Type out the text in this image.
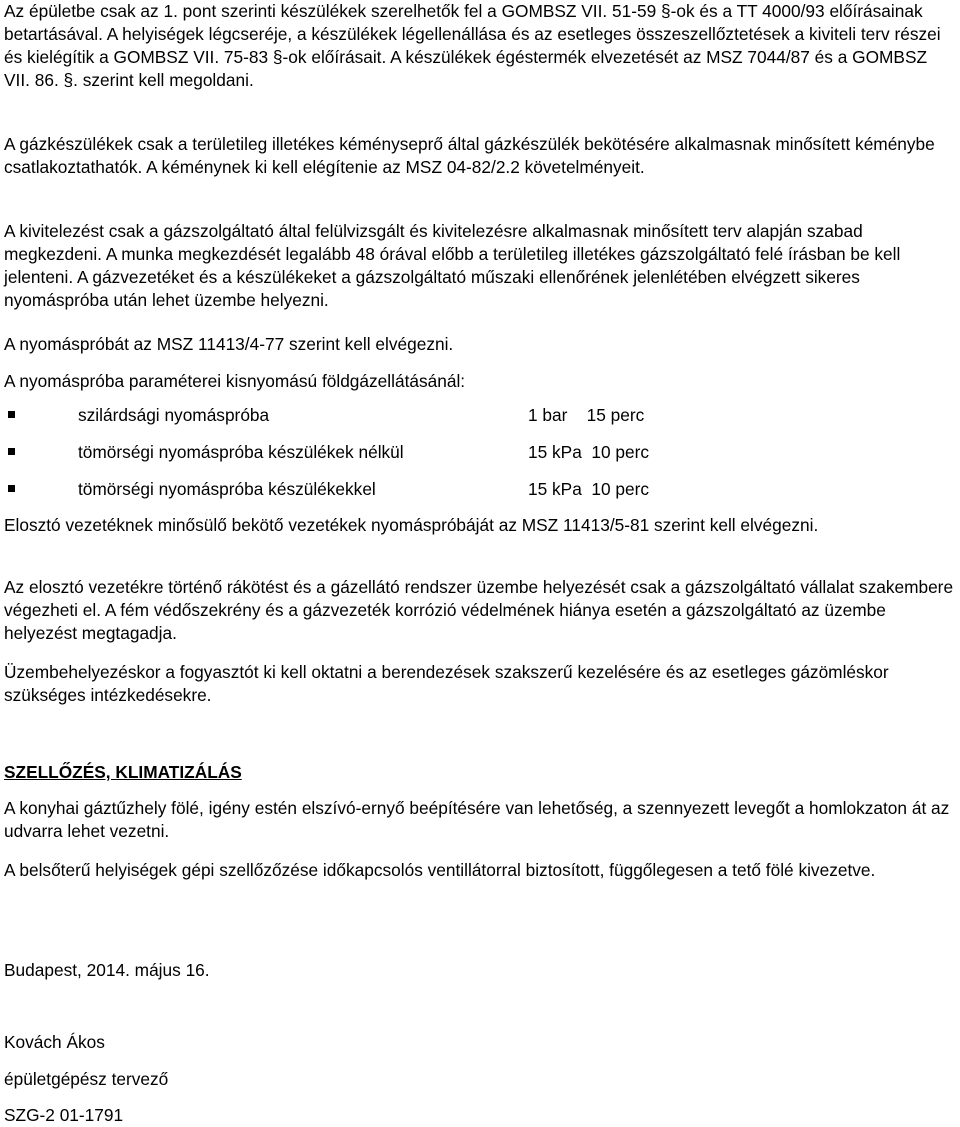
Az épületbe csak az 1. pont szerinti készülékek szerelhetők fel a GOMBSZ VII. 51-59 §-ok és a TT 4000/93 előírásainak betartásával. A helyiségek légcseréje, a készülékek légellenállása és az esetleges összeszellőztetések a kiviteli terv részei és kielégítik a GOMBSZ VII. 75-83 §-ok előírásait. A készülékek égéstermék elvezetését az MSZ 7044/87 és a GOMBSZ VII. 86. §. szerint kell megoldani.

A gázkészülékek csak a területileg illetékes kéményseprő által gázkészülék bekötésére alkalmasnak minősített kéménybe csatlakoztathatók. A kéménynek ki kell elégítenie az MSZ 04-82/2.2 követelményeit.

A kivitelezést csak a gázszolgáltató által felülvizsgált és kivitelezésre alkalmasnak minősített terv alapján szabad megkezdeni. A munka megkezdését legalább 48 órával előbb a területileg illetékes gázszolgáltató felé írásban be kell jelenteni. A gázvezetéket és a készülékeket a gázszolgáltató műszaki ellenőrének jelenlétében elvégzett sikeres nyomáspróba után lehet üzembe helyezni.

A nyomáspróbát az MSZ 11413/4-77 szerint kell elvégezni.

A nyomáspróba paraméterei kisnyomású földgázellátásánál:

szilárdsági nyomáspróba	1 bar    15 perc
tömörségi nyomáspróba készülékek nélkül	15 kPa  10 perc
tömörségi nyomáspróba készülékekkel	15 kPa  10 perc

Elosztó vezetéknek minősülő bekötő vezetékek nyomáspróbáját az MSZ 11413/5-81 szerint kell elvégezni.

Az elosztó vezetékre történő rákötést és a gázellátó rendszer üzembe helyezését csak a gázszolgáltató vállalat szakembere végezheti el. A fém védőszekrény és a gázvezeték korrózió védelmének hiánya esetén a gázszolgáltató az üzembe helyezést megtagadja.

Üzembehelyezéskor a fogyasztót ki kell oktatni a berendezések szakszerű kezelésére és az esetleges gázömléskor szükséges intézkedésekre.

SZELLŐZÉS, KLIMATIZÁLÁS

A konyhai gáztűzhely fölé, igény estén elszívó-ernyő beépítésére van lehetőség, a szennyezett levegőt a homlokzaton át az udvarra lehet vezetni.

A belsőterű helyiségek gépi szellőzőzése időkapcsolós ventillátorral biztosított, függőlegesen a tető fölé kivezetve.

Budapest, 2014. május 16.

Kovách Ákos

épületgépész tervező

SZG-2 01-1791
